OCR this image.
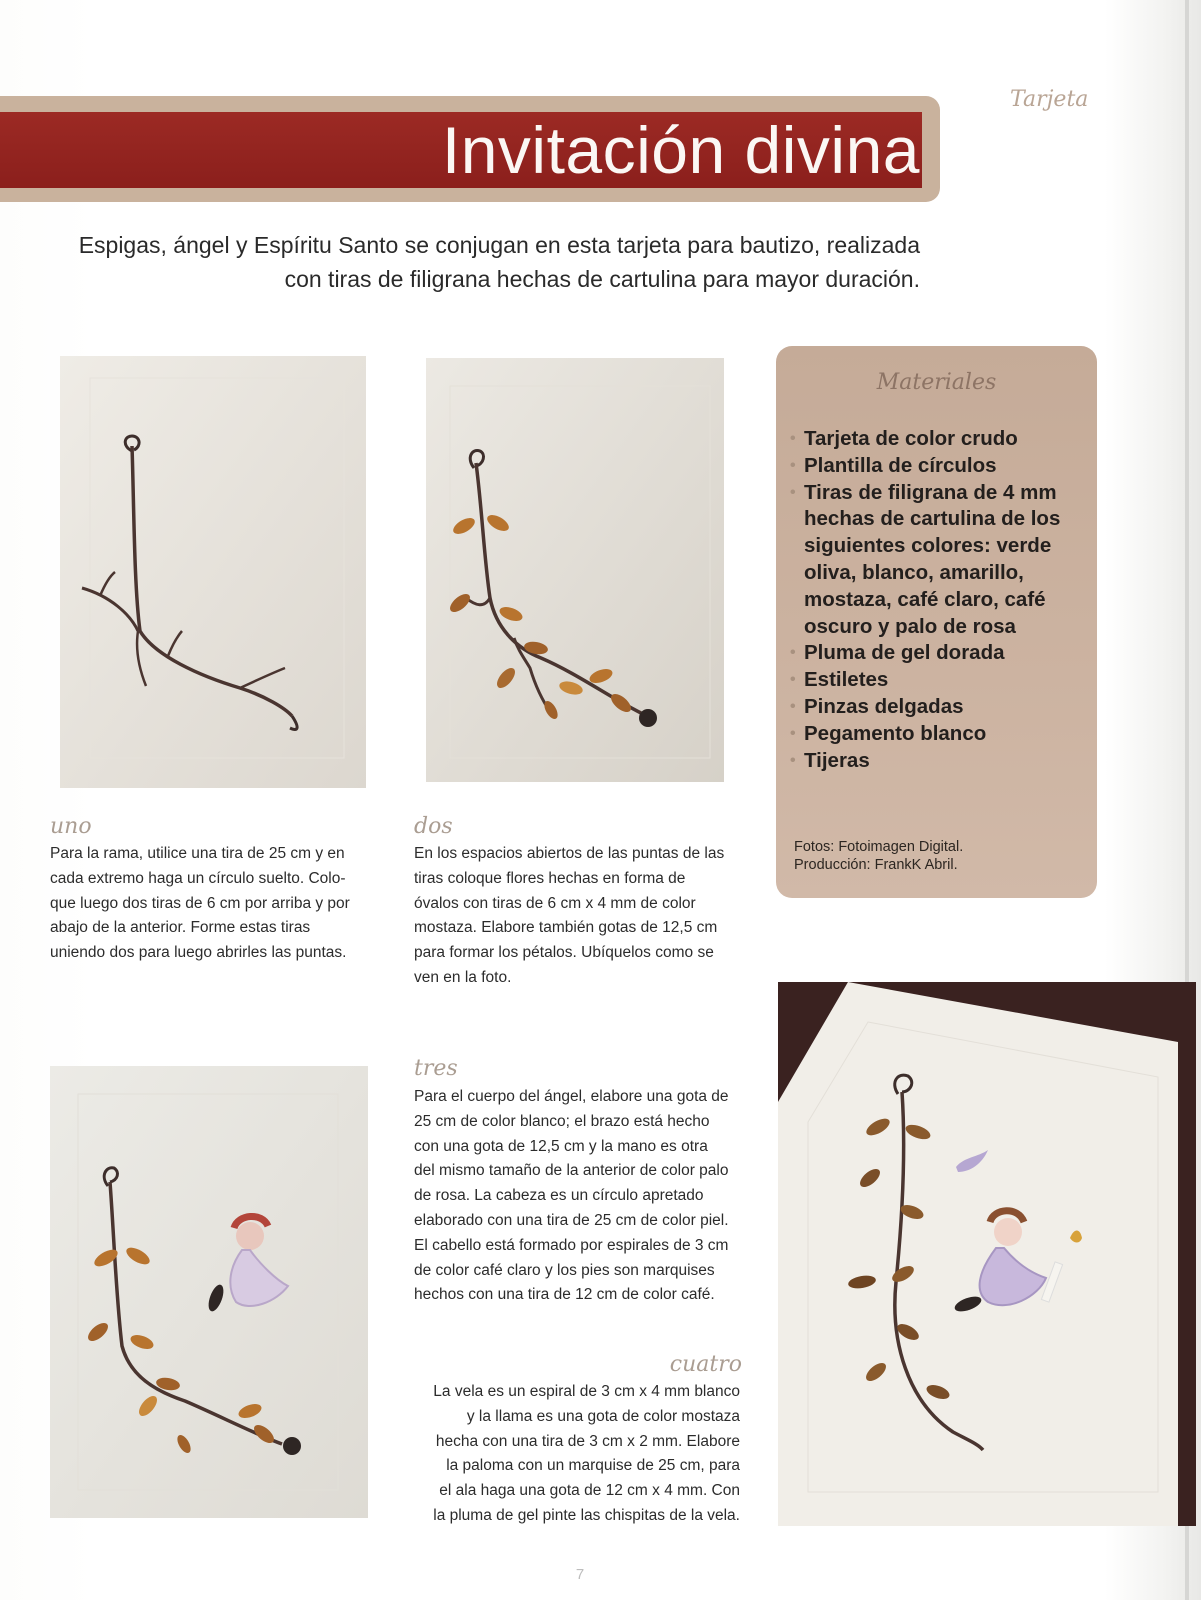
Invitación divina
Tarjeta
Espigas, ángel y Espíritu Santo se conjugan en esta tarjeta para bautizo, realizada
con tiras de filigrana hechas de cartulina para mayor duración.
uno
Para la rama, utilice una tira de 25 cm y en
cada extremo haga un círculo suelto. Colo-
que luego dos tiras de 6 cm por arriba y por
abajo de la anterior. Forme estas tiras
uniendo dos para luego abrirles las puntas.
dos
En los espacios abiertos de las puntas de las
tiras coloque flores hechas en forma de
óvalos con tiras de 6 cm x 4 mm de color
mostaza. Elabore también gotas de 12,5 cm
para formar los pétalos. Ubíquelos como se
ven en la foto.
tres
Para el cuerpo del ángel, elabore una gota de
25 cm de color blanco; el brazo está hecho
con una gota de 12,5 cm y la mano es otra
del mismo tamaño de la anterior de color palo
de rosa. La cabeza es un círculo apretado
elaborado con una tira de 25 cm de color piel.
El cabello está formado por espirales de 3 cm
de color café claro y los pies son marquises
hechos con una tira de 12 cm de color café.
cuatro
La vela es un espiral de 3 cm x 4 mm blanco
y la llama es una gota de color mostaza
hecha con una tira de 3 cm x 2 mm. Elabore
la paloma con un marquise de 25 cm, para
el ala haga una gota de 12 cm x 4 mm. Con
la pluma de gel pinte las chispitas de la vela.
Materiales
• Tarjeta de color crudo
• Plantilla de círculos
• Tiras de filigrana de 4 mm hechas de cartulina de los siguientes colores: verde oliva, blanco, amarillo, mostaza, café claro, café oscuro y palo de rosa
• Pluma de gel dorada
• Estiletes
• Pinzas delgadas
• Pegamento blanco
• Tijeras
Fotos: Fotoimagen Digital.
Producción: FrankK Abril.
7
